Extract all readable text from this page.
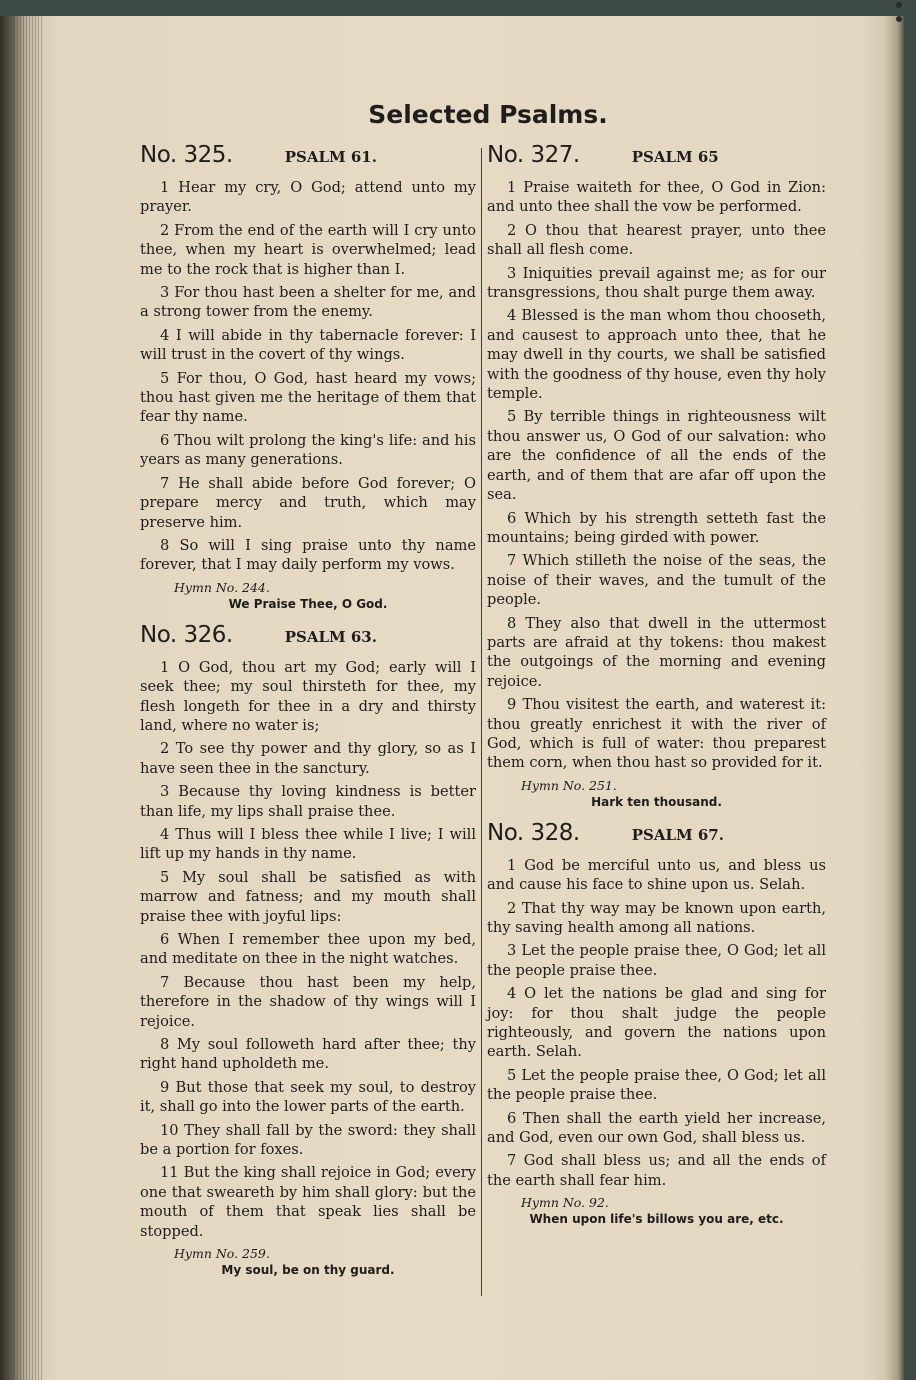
Selected Psalms.
No. 325.	PSALM 61.

1 Hear my cry, O God; attend unto my prayer.

2 From the end of the earth will I cry unto thee, when my heart is overwhelmed; lead me to the rock that is higher than I.

3 For thou hast been a shelter for me, and a strong tower from the enemy.

4 I will abide in thy tabernacle forever: I will trust in the covert of thy wings.

5 For thou, O God, hast heard my vows; thou hast given me the heritage of them that fear thy name.

6 Thou wilt prolong the king's life: and his years as many generations.

7 He shall abide before God forever; O prepare mercy and truth, which may preserve him.

8 So will I sing praise unto thy name forever, that I may daily perform my vows.

Hymn No. 244.
We Praise Thee, O God.
No. 326.	PSALM 63.

1 O God, thou art my God; early will I seek thee; my soul thirsteth for thee, my flesh longeth for thee in a dry and thirsty land, where no water is;

2 To see thy power and thy glory, so as I have seen thee in the sanctury.

3 Because thy loving kindness is better than life, my lips shall praise thee.

4 Thus will I bless thee while I live; I will lift up my hands in thy name.

5 My soul shall be satisfied as with marrow and fatness; and my mouth shall praise thee with joyful lips:

6 When I remember thee upon my bed, and meditate on thee in the night watches.

7 Because thou hast been my help, therefore in the shadow of thy wings will I rejoice.

8 My soul followeth hard after thee; thy right hand upholdeth me.

9 But those that seek my soul, to destroy it, shall go into the lower parts of the earth.

10 They shall fall by the sword: they shall be a portion for foxes.

11 But the king shall rejoice in God; every one that sweareth by him shall glory: but the mouth of them that speak lies shall be stopped.

Hymn No. 259.
My soul, be on thy guard.
No. 327.	PSALM 65

1 Praise waiteth for thee, O God in Zion: and unto thee shall the vow be performed.

2 O thou that hearest prayer, unto thee shall all flesh come.

3 Iniquities prevail against me; as for our transgressions, thou shalt purge them away.

4 Blessed is the man whom thou chooseth, and causest to approach unto thee, that he may dwell in thy courts, we shall be satisfied with the goodness of thy house, even thy holy temple.

5 By terrible things in righteousness wilt thou answer us, O God of our salvation: who are the confidence of all the ends of the earth, and of them that are afar off upon the sea.

6 Which by his strength setteth fast the mountains; being girded with power.

7 Which stilleth the noise of the seas, the noise of their waves, and the tumult of the people.

8 They also that dwell in the uttermost parts are afraid at thy tokens: thou makest the outgoings of the morning and evening rejoice.

9 Thou visitest the earth, and waterest it: thou greatly enrichest it with the river of God, which is full of water: thou preparest them corn, when thou hast so provided for it.

Hymn No. 251.
Hark ten thousand.
No. 328.	PSALM 67.

1 God be merciful unto us, and bless us and cause his face to shine upon us. Selah.

2 That thy way may be known upon earth, thy saving health among all nations.

3 Let the people praise thee, O God; let all the people praise thee.

4 O let the nations be glad and sing for joy: for thou shalt judge the people righteously, and govern the nations upon earth. Selah.

5 Let the people praise thee, O God; let all the people praise thee.

6 Then shall the earth yield her increase, and God, even our own God, shall bless us.

7 God shall bless us; and all the ends of the earth shall fear him.

Hymn No. 92.
When upon life's billows you are, etc.
